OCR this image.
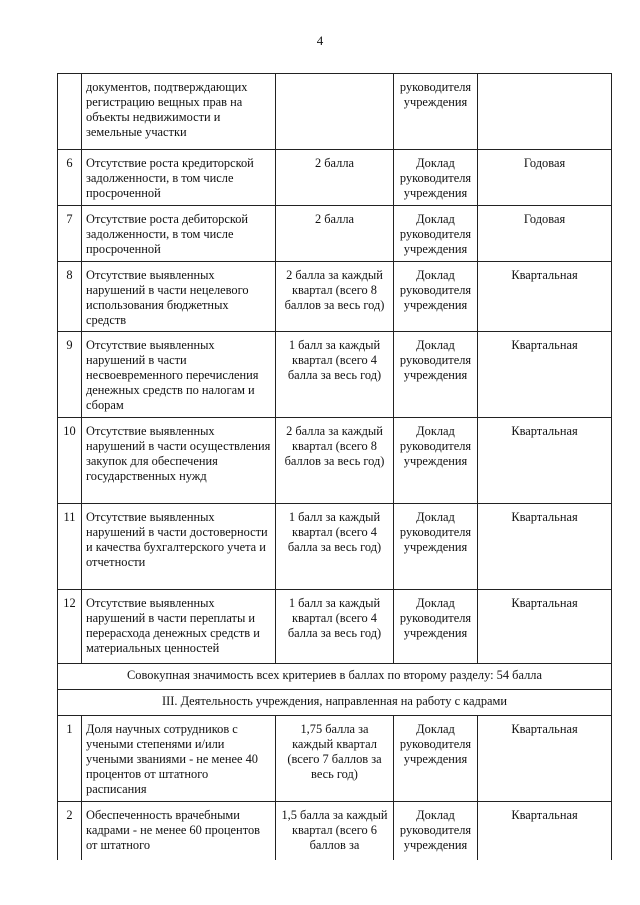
4
	документов, подтверждающих регистрацию вещных прав на объекты недвижимости и земельные участки		руководителя учреждения	
6	Отсутствие роста кредиторской задолженности, в том числе просроченной	2 балла	Доклад руководителя учреждения	Годовая
7	Отсутствие роста дебиторской задолженности, в том числе просроченной	2 балла	Доклад руководителя учреждения	Годовая
8	Отсутствие выявленных нарушений в части нецелевого использования бюджетных средств	2 балла за каждый квартал (всего 8 баллов за весь год)	Доклад руководителя учреждения	Квартальная
9	Отсутствие выявленных нарушений в части несвоевременного перечисления денежных средств по налогам и сборам	1 балл за каждый квартал (всего 4 балла за весь год)	Доклад руководителя учреждения	Квартальная
10	Отсутствие выявленных нарушений в части осуществления закупок для обеспечения государственных нужд	2 балла за каждый квартал (всего 8 баллов за весь год)	Доклад руководителя учреждения	Квартальная
11	Отсутствие выявленных нарушений в части достоверности и качества бухгалтерского учета и отчетности	1 балл за каждый квартал (всего 4 балла за весь год)	Доклад руководителя учреждения	Квартальная
12	Отсутствие выявленных нарушений в части переплаты и перерасхода денежных средств и материальных ценностей	1 балл за каждый квартал (всего 4 балла за весь год)	Доклад руководителя учреждения	Квартальная
Совокупная значимость всех критериев в баллах по второму разделу: 54 балла				
III. Деятельность учреждения, направленная на работу с кадрами				
1	Доля научных сотрудников с учеными степенями и/или учеными званиями - не менее 40 процентов от штатного расписания	1,75 балла за каждый квартал (всего 7 баллов за весь год)	Доклад руководителя учреждения	Квартальная
2	Обеспеченность врачебными кадрами - не менее 60 процентов от штатного	1,5 балла за каждый квартал (всего 6 баллов за	Доклад руководителя учреждения	Квартальная
